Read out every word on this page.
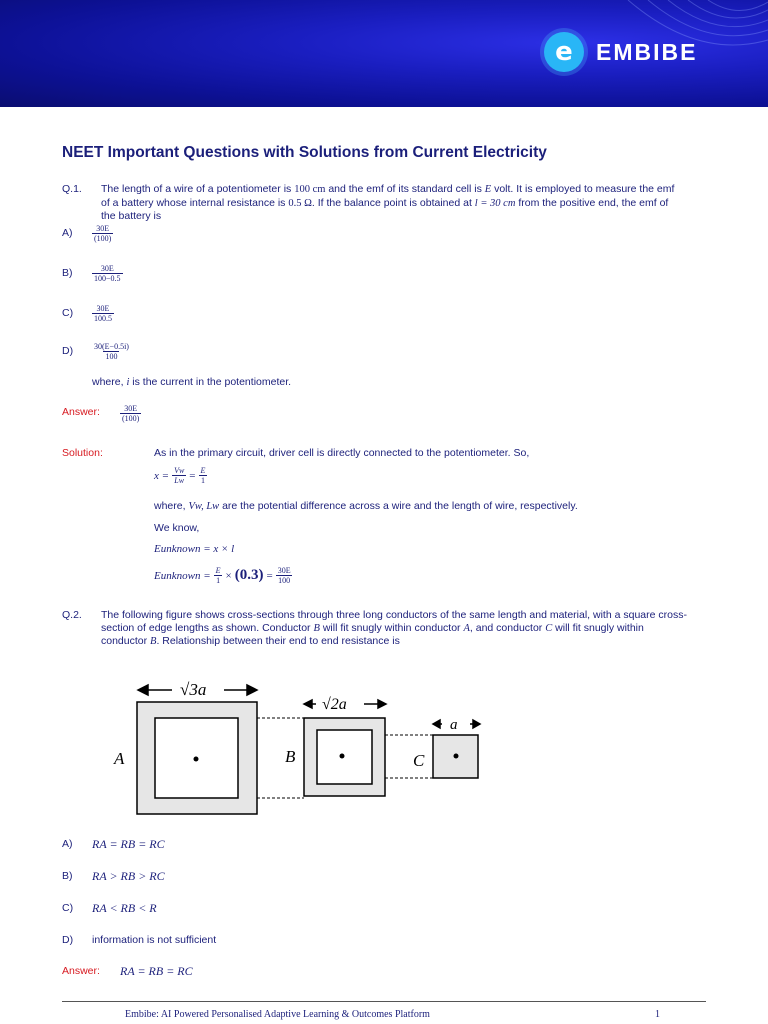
e	EMBIBE
NEET Important Questions with Solutions from Current Electricity
Q.1. The length of a wire of a potentiometer is 100 cm and the emf of its standard cell is E volt. It is employed to measure the emf
of a battery whose internal resistance is 0.5 Ω. If the balance point is obtained at l = 30 cm from the positive end, the emf of
the battery is
$A) \frac{30E}{(100)}$
$B) \frac{30E}{100-0.5}$
$C) \frac{30E}{100.5}$
$D) \frac{30(E-0.5i)}{100}$
where, i is the current in the potentiometer.
Answer:	$\frac{30E}{(100)}$
Solution:	As in the primary circuit, driver cell is directly connected to the potentiometer. So,
$x = \frac{Vw}{Lw} = \frac{E}{1}$
where, Vw, Lw are the potential difference across a wire and the length of wire, respectively.
We know,
Eunknown = x × l
Eunknown = $\frac{E}{1} \times (0.3) = \frac{30E}{100}$
Q.2. The following figure shows cross-sections through three long conductors of the same length and material, with a square cross-
section of edge lengths as shown. Conductor B will fit snugly within conductor A, and conductor C will fit snugly within
conductor B. Relationship between their end to end resistance is
√3a
√2a
a
A	B	C
A) RA = RB = RC
B) RA > RB > RC
C) RA < RB < R
D) information is not sufficient
Answer: RA = RB = RC
Embibe: AI Powered Personalised Adaptive Learning & Outcomes Platform	1
